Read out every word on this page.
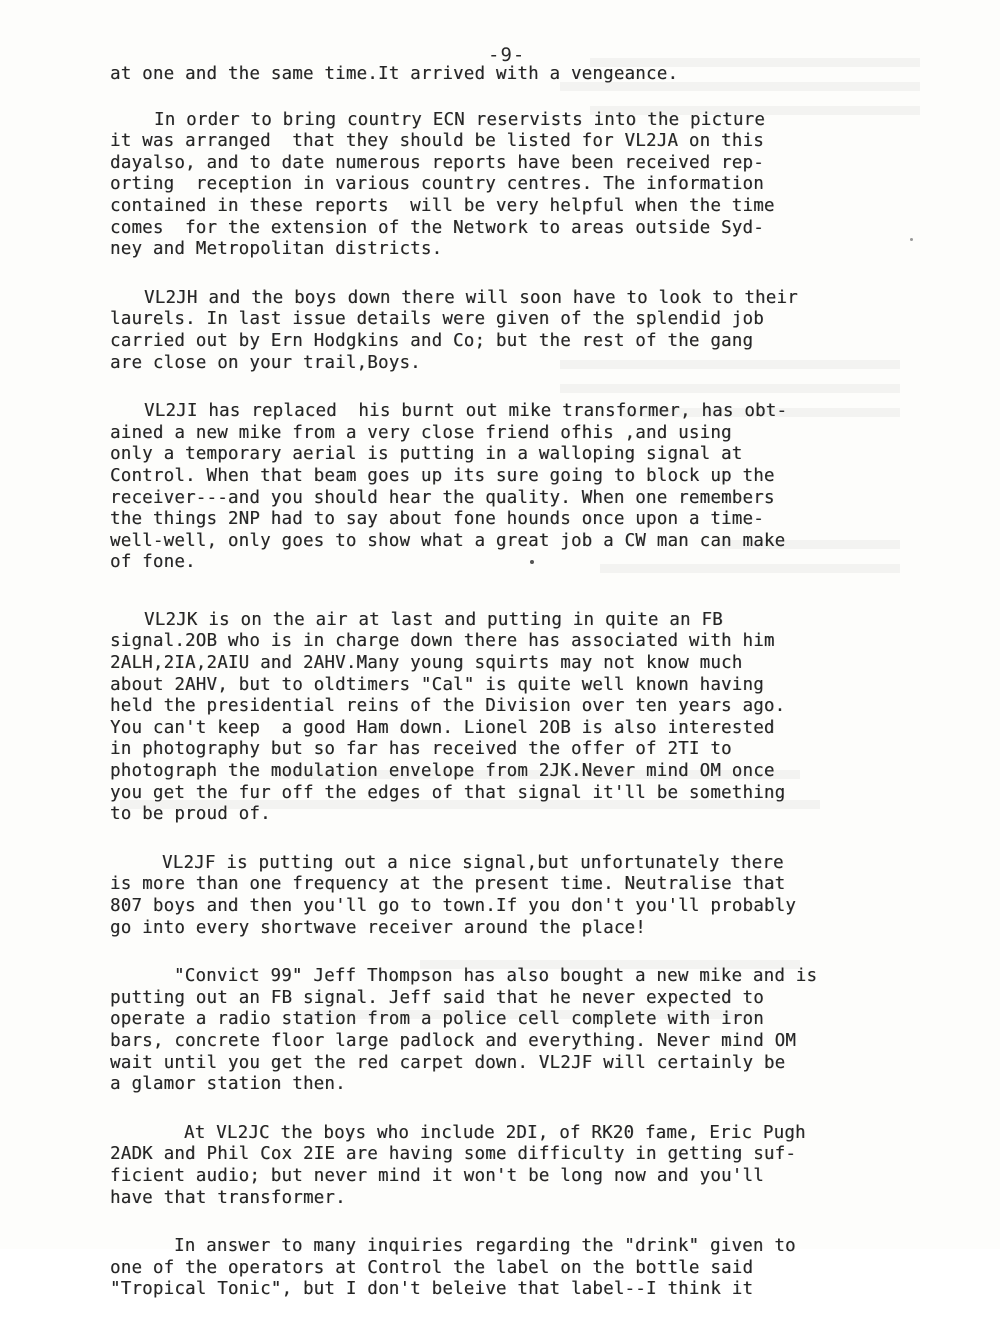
-9-
at one and the same time.It arrived with a vengeance.
In order to bring country ECN reservists into the picture
it was arranged  that they should be listed for VL2JA on this
dayalso, and to date numerous reports have been received rep-
orting  reception in various country centres. The information
contained in these reports  will be very helpful when the time
comes  for the extension of the Network to areas outside Syd-
ney and Metropolitan districts.
VL2JH and the boys down there will soon have to look to their
laurels. In last issue details were given of the splendid job
carried out by Ern Hodgkins and Co; but the rest of the gang
are close on your trail,Boys.
VL2JI has replaced  his burnt out mike transformer, has obt-
ained a new mike from a very close friend ofhis ,and using
only a temporary aerial is putting in a walloping signal at
Control. When that beam goes up its sure going to block up the
receiver---and you should hear the quality. When one remembers
the things 2NP had to say about fone hounds once upon a time-
well-well, only goes to show what a great job a CW man can make
of fone.
VL2JK is on the air at last and putting in quite an FB
signal.2OB who is in charge down there has associated with him
2ALH,2IA,2AIU and 2AHV.Many young squirts may not know much
about 2AHV, but to oldtimers "Cal" is quite well known having
held the presidential reins of the Division over ten years ago.
You can't keep  a good Ham down. Lionel 2OB is also interested
in photography but so far has received the offer of 2TI to
photograph the modulation envelope from 2JK.Never mind OM once
you get the fur off the edges of that signal it'll be something
to be proud of.
VL2JF is putting out a nice signal,but unfortunately there
is more than one frequency at the present time. Neutralise that
807 boys and then you'll go to town.If you don't you'll probably
go into every shortwave receiver around the place!
"Convict 99" Jeff Thompson has also bought a new mike and is
putting out an FB signal. Jeff said that he never expected to
operate a radio station from a police cell complete with iron
bars, concrete floor large padlock and everything. Never mind OM
wait until you get the red carpet down. VL2JF will certainly be
a glamor station then.
At VL2JC the boys who include 2DI, of RK20 fame, Eric Pugh
2ADK and Phil Cox 2IE are having some difficulty in getting suf-
ficient audio; but never mind it won't be long now and you'll
have that transformer.
In answer to many inquiries regarding the "drink" given to
one of the operators at Control the label on the bottle said
"Tropical Tonic", but I don't beleive that label--I think it
